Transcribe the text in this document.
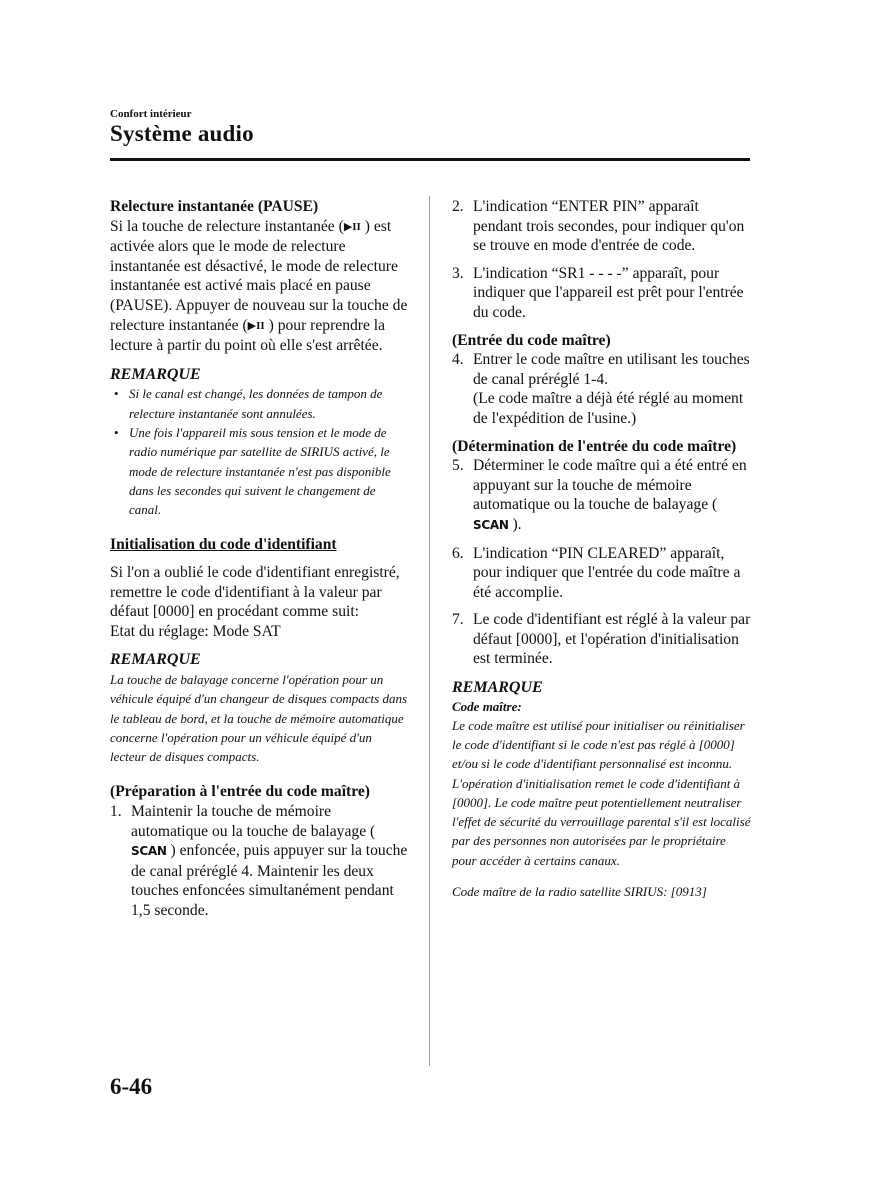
Confort intérieur
Système audio

Relecture instantanée (PAUSE)

Si la touche de relecture instantanée (▶II ) est activée alors que le mode de relecture instantanée est désactivé, le mode de relecture instantanée est activé mais placé en pause (PAUSE). Appuyer de nouveau sur la touche de relecture instantanée (▶II ) pour reprendre la lecture à partir du point où elle s'est arrêtée.

REMARQUE

• Si le canal est changé, les données de tampon de relecture instantanée sont annulées.
• Une fois l'appareil mis sous tension et le mode de radio numérique par satellite de SIRIUS activé, le mode de relecture instantanée n'est pas disponible dans les secondes qui suivent le changement de canal.

Initialisation du code d'identifiant

Si l'on a oublié le code d'identifiant enregistré, remettre le code d'identifiant à la valeur par défaut [0000] en procédant comme suit:

Etat du réglage: Mode SAT

REMARQUE

La touche de balayage concerne l'opération pour un véhicule équipé d'un changeur de disques compacts dans le tableau de bord, et la touche de mémoire automatique concerne l'opération pour un véhicule équipé d'un lecteur de disques compacts.

(Préparation à l'entrée du code maître)

1. Maintenir la touche de mémoire automatique ou la touche de balayage (SCAN ) enfoncée, puis appuyer sur la touche de canal préréglé 4. Maintenir les deux touches enfoncées simultanément pendant 1,5 seconde.
2. L'indication “ENTER PIN” apparaît pendant trois secondes, pour indiquer qu'on se trouve en mode d'entrée de code.
3. L'indication “SR1 - - - -” apparaît, pour indiquer que l'appareil est prêt pour l'entrée du code.

(Entrée du code maître)

4. Entrer le code maître en utilisant les touches de canal préréglé 1-4.
(Le code maître a déjà été réglé au moment de l'expédition de l'usine.)

(Détermination de l'entrée du code maître)

5. Déterminer le code maître qui a été entré en appuyant sur la touche de mémoire automatique ou la touche de balayage (SCAN ).
6. L'indication “PIN CLEARED” apparaît, pour indiquer que l'entrée du code maître a été accomplie.
7. Le code d'identifiant est réglé à la valeur par défaut [0000], et l'opération d'initialisation est terminée.

REMARQUE

Code maître:

Le code maître est utilisé pour initialiser ou réinitialiser le code d'identifiant si le code n'est pas réglé à [0000] et/ou si le code d'identifiant personnalisé est inconnu. L'opération d'initialisation remet le code d'identifiant à [0000]. Le code maître peut potentiellement neutraliser l'effet de sécurité du verrouillage parental s'il est localisé par des personnes non autorisées par le propriétaire pour accéder à certains canaux.

Code maître de la radio satellite SIRIUS: [0913]

6-46
